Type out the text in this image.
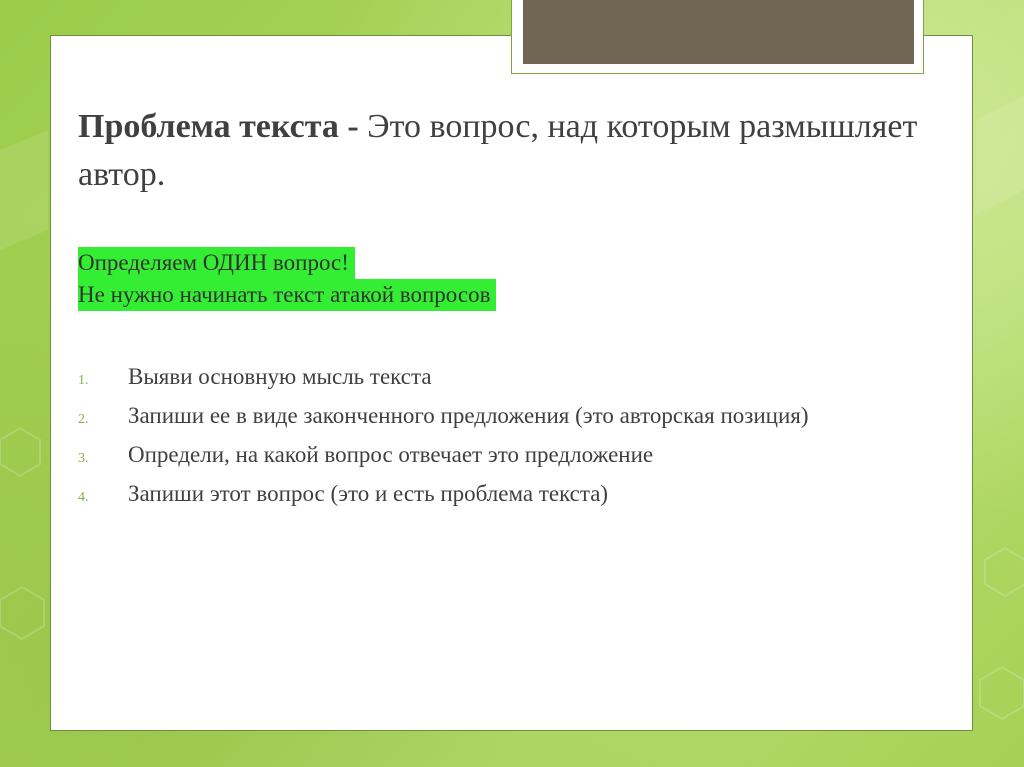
Проблема текста - Это вопрос, над которым размышляет автор.

Определяем ОДИН вопрос!
Не нужно начинать текст атакой вопросов
1.	Выяви основную мысль текста
2.	Запиши ее в виде законченного предложения (это авторская позиция)
3.	Определи, на какой вопрос отвечает это предложение
4.	Запиши этот вопрос (это и есть проблема текста)
